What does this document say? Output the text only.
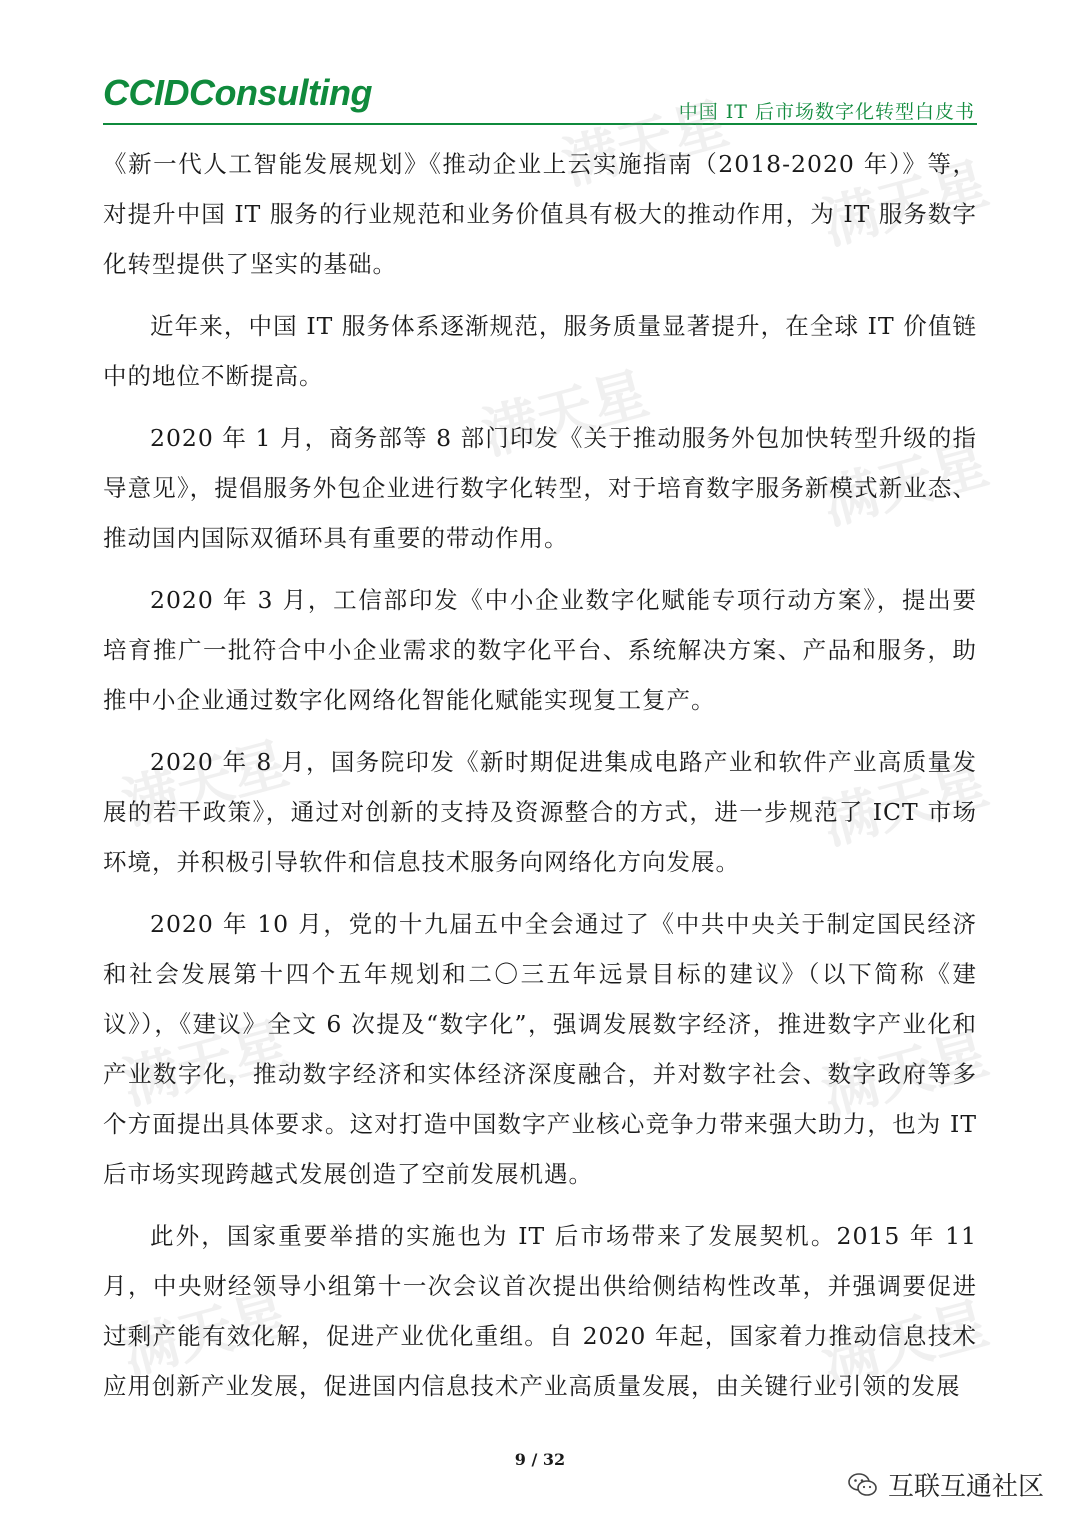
CCIDConsulting	中国 IT 后市场数字化转型白皮书
满天星
满天星
满天星
满天星
满天星	满天星
满天星	满天星
满天星	满天星

《新一代人工智能发展规划》《推动企业上云实施指南（2018-2020 年）》等，对提升中国 IT 服务的行业规范和业务价值具有极大的推动作用，为 IT 服务数字化转型提供了坚实的基础。

近年来，中国 IT 服务体系逐渐规范，服务质量显著提升，在全球 IT 价值链中的地位不断提高。

2020 年 1 月，商务部等 8 部门印发《关于推动服务外包加快转型升级的指导意见》，提倡服务外包企业进行数字化转型，对于培育数字服务新模式新业态、推动国内国际双循环具有重要的带动作用。

2020 年 3 月，工信部印发《中小企业数字化赋能专项行动方案》，提出要培育推广一批符合中小企业需求的数字化平台、系统解决方案、产品和服务，助推中小企业通过数字化网络化智能化赋能实现复工复产。

2020 年 8 月，国务院印发《新时期促进集成电路产业和软件产业高质量发展的若干政策》，通过对创新的支持及资源整合的方式，进一步规范了 ICT 市场环境，并积极引导软件和信息技术服务向网络化方向发展。

2020 年 10 月，党的十九届五中全会通过了《中共中央关于制定国民经济和社会发展第十四个五年规划和二〇三五年远景目标的建议》（以下简称《建议》），《建议》全文 6 次提及“数字化”，强调发展数字经济，推进数字产业化和产业数字化，推动数字经济和实体经济深度融合，并对数字社会、数字政府等多个方面提出具体要求。这对打造中国数字产业核心竞争力带来强大助力，也为 IT 后市场实现跨越式发展创造了空前发展机遇。

此外，国家重要举措的实施也为 IT 后市场带来了发展契机。2015 年 11 月，中央财经领导小组第十一次会议首次提出供给侧结构性改革，并强调要促进过剩产能有效化解，促进产业优化重组。自 2020 年起，国家着力推动信息技术应用创新产业发展，促进国内信息技术产业高质量发展，由关键行业引领的发展

9 / 32
互联互通社区
